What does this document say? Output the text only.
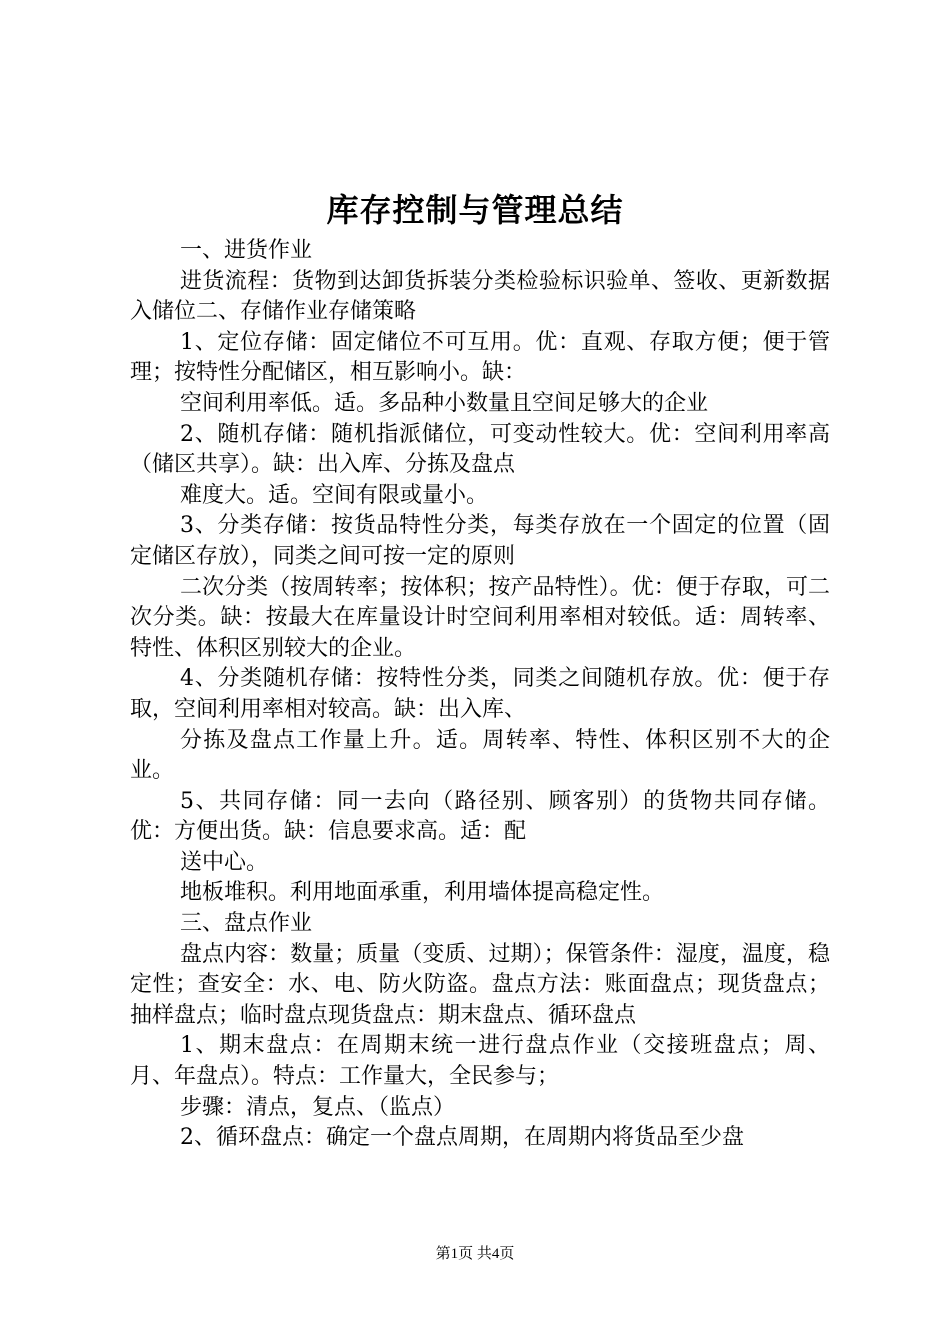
库存控制与管理总结

一、进货作业

进货流程：货物到达卸货拆装分类检验标识验单、签收、更新数据入储位二、存储作业存储策略

1、定位存储：固定储位不可互用。优：直观、存取方便；便于管理；按特性分配储区，相互影响小。缺：

空间利用率低。适。多品种小数量且空间足够大的企业

2、随机存储：随机指派储位，可变动性较大。优：空间利用率高（储区共享）。缺：出入库、分拣及盘点

难度大。适。空间有限或量小。

3、分类存储：按货品特性分类，每类存放在一个固定的位置（固定储区存放），同类之间可按一定的原则

二次分类（按周转率；按体积；按产品特性）。优：便于存取，可二次分类。缺：按最大在库量设计时空间利用率相对较低。适：周转率、特性、体积区别较大的企业。

4、分类随机存储：按特性分类，同类之间随机存放。优：便于存取，空间利用率相对较高。缺：出入库、

分拣及盘点工作量上升。适。周转率、特性、体积区别不大的企业。

5、共同存储：同一去向（路径别、顾客别）的货物共同存储。优：方便出货。缺：信息要求高。适：配

送中心。

地板堆积。利用地面承重，利用墙体提高稳定性。

三、盘点作业

盘点内容：数量；质量（变质、过期）；保管条件：湿度，温度，稳定性；查安全：水、电、防火防盗。盘点方法：账面盘点；现货盘点；抽样盘点；临时盘点现货盘点：期末盘点、循环盘点

1、期末盘点：在周期末统一进行盘点作业（交接班盘点；周、月、年盘点）。特点：工作量大，全民参与；

步骤：清点，复点、（监点）

2、循环盘点：确定一个盘点周期，在周期内将货品至少盘

第1页 共4页
